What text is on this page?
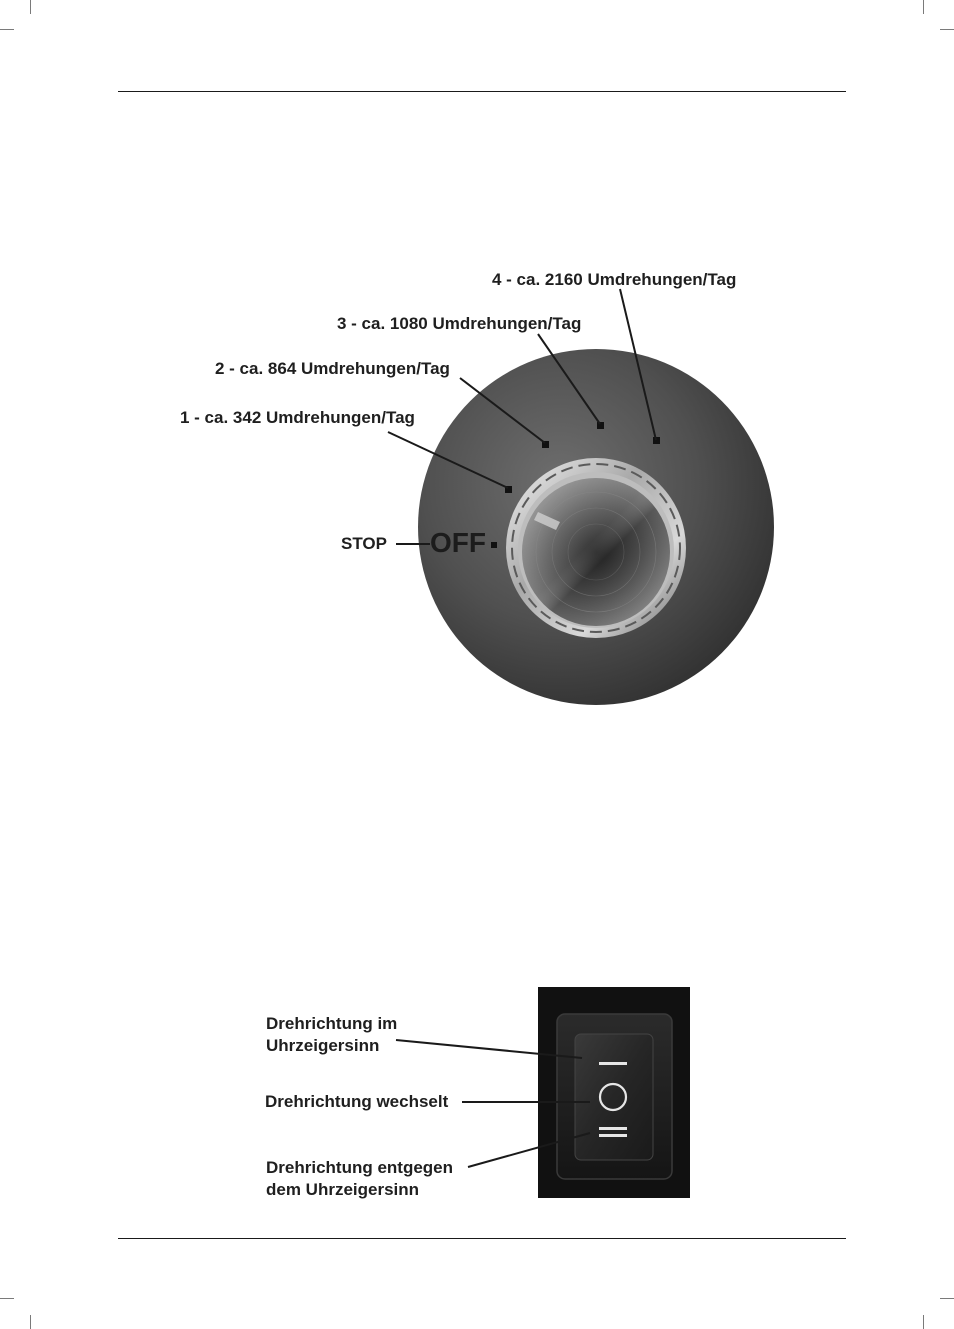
4 - ca. 2160 Umdrehungen/Tag
3 - ca. 1080 Umdrehungen/Tag
2 - ca. 864 Umdrehungen/Tag
1 - ca. 342 Umdrehungen/Tag
STOP OFF
Drehrichtung im
Uhrzeigersinn
Drehrichtung wechselt
Drehrichtung entgegen
dem Uhrzeigersinn
